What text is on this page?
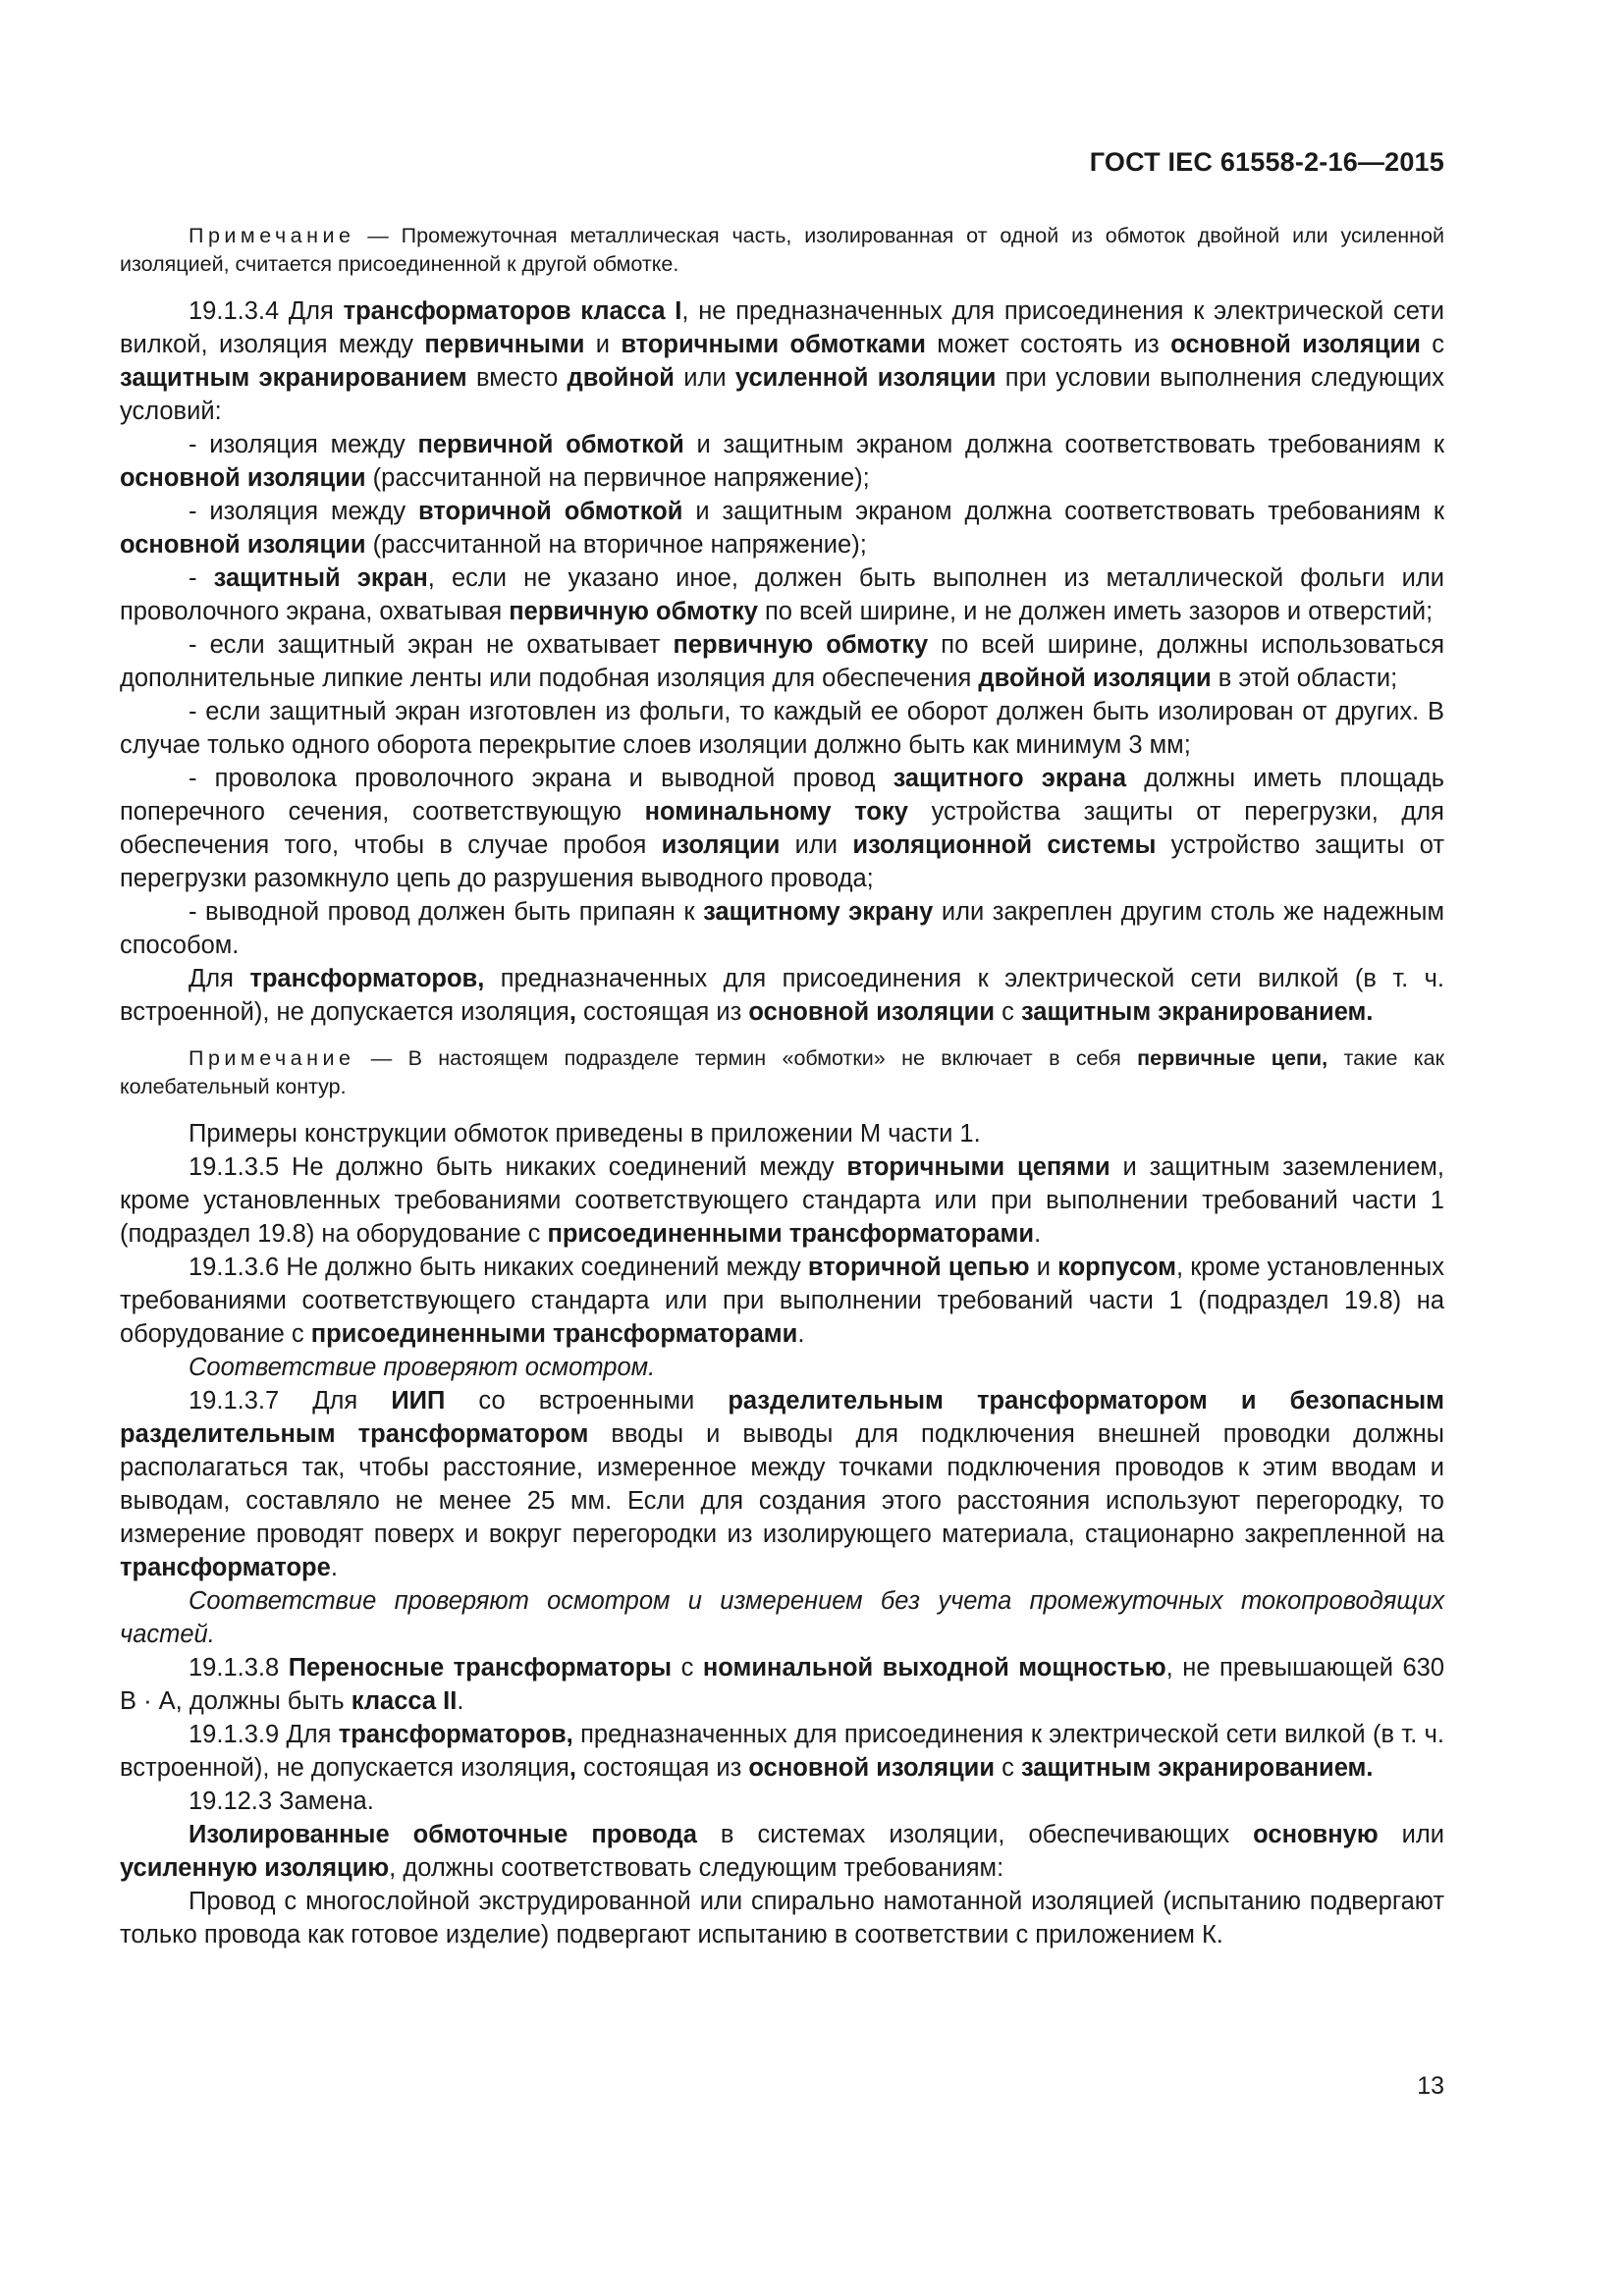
ГОСТ IEC 61558-2-16—2015

Примечание — Промежуточная металлическая часть, изолированная от одной из обмоток двойной или усиленной изоляцией, считается присоединенной к другой обмотке.

19.1.3.4 Для трансформаторов класса I, не предназначенных для присоединения к электрической сети вилкой, изоляция между первичными и вторичными обмотками может состоять из основной изоляции с защитным экранированием вместо двойной или усиленной изоляции при условии выполнения следующих условий:

- изоляция между первичной обмоткой и защитным экраном должна соответствовать требованиям к основной изоляции (рассчитанной на первичное напряжение);

- изоляция между вторичной обмоткой и защитным экраном должна соответствовать требованиям к основной изоляции (рассчитанной на вторичное напряжение);

- защитный экран, если не указано иное, должен быть выполнен из металлической фольги или проволочного экрана, охватывая первичную обмотку по всей ширине, и не должен иметь зазоров и отверстий;

- если защитный экран не охватывает первичную обмотку по всей ширине, должны использоваться дополнительные липкие ленты или подобная изоляция для обеспечения двойной изоляции в этой области;

- если защитный экран изготовлен из фольги, то каждый ее оборот должен быть изолирован от других. В случае только одного оборота перекрытие слоев изоляции должно быть как минимум 3 мм;

- проволока проволочного экрана и выводной провод защитного экрана должны иметь площадь поперечного сечения, соответствующую номинальному току устройства защиты от перегрузки, для обеспечения того, чтобы в случае пробоя изоляции или изоляционной системы устройство защиты от перегрузки разомкнуло цепь до разрушения выводного провода;

- выводной провод должен быть припаян к защитному экрану или закреплен другим столь же надежным способом.

Для трансформаторов, предназначенных для присоединения к электрической сети вилкой (в т. ч. встроенной), не допускается изоляция, состоящая из основной изоляции с защитным экранированием.

Примечание — В настоящем подразделе термин «обмотки» не включает в себя первичные цепи, такие как колебательный контур.

Примеры конструкции обмоток приведены в приложении М части 1.

19.1.3.5 Не должно быть никаких соединений между вторичными цепями и защитным заземлением, кроме установленных требованиями соответствующего стандарта или при выполнении требований части 1 (подраздел 19.8) на оборудование с присоединенными трансформаторами.

19.1.3.6 Не должно быть никаких соединений между вторичной цепью и корпусом, кроме установленных требованиями соответствующего стандарта или при выполнении требований части 1 (подраздел 19.8) на оборудование с присоединенными трансформаторами.

Соответствие проверяют осмотром.

19.1.3.7 Для ИИП со встроенными разделительным трансформатором и безопасным разделительным трансформатором вводы и выводы для подключения внешней проводки должны располагаться так, чтобы расстояние, измеренное между точками подключения проводов к этим вводам и выводам, составляло не менее 25 мм. Если для создания этого расстояния используют перегородку, то измерение проводят поверх и вокруг перегородки из изолирующего материала, стационарно закрепленной на трансформаторе.

Соответствие проверяют осмотром и измерением без учета промежуточных токопроводящих частей.

19.1.3.8 Переносные трансформаторы с номинальной выходной мощностью, не превышающей 630 В · А, должны быть класса II.

19.1.3.9 Для трансформаторов, предназначенных для присоединения к электрической сети вилкой (в т. ч. встроенной), не допускается изоляция, состоящая из основной изоляции с защитным экранированием.

19.12.3 Замена.

Изолированные обмоточные провода в системах изоляции, обеспечивающих основную или усиленную изоляцию, должны соответствовать следующим требованиям:

Провод с многослойной экструдированной или спирально намотанной изоляцией (испытанию подвергают только провода как готовое изделие) подвергают испытанию в соответствии с приложением К.

13
